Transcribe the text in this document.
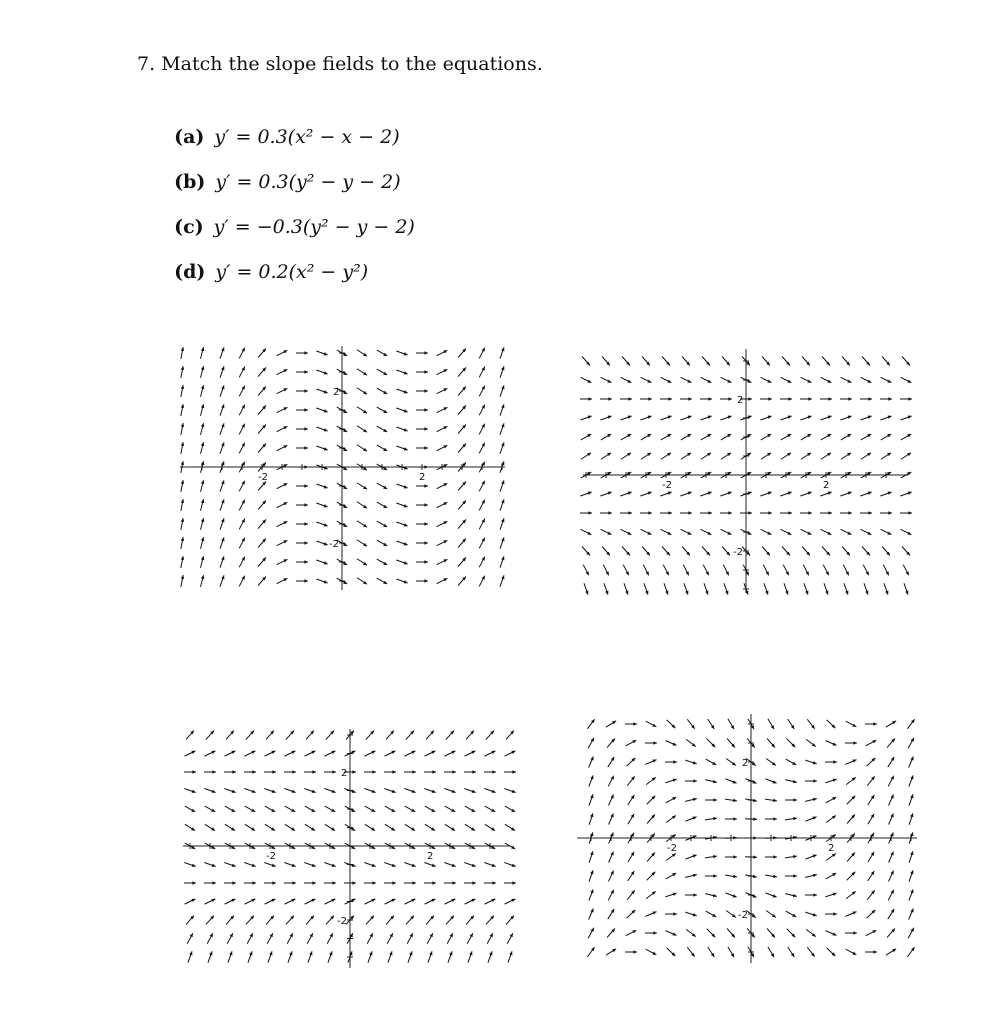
7. Match the slope fields to the equations.

(a) y′ = 0.3(x² − x − 2)

(b) y′ = 0.3(y² − y − 2)

(c) y′ = −0.3(y² − y − 2)

(d) y′ = 0.2(x² − y²)

-2	2
2
-2
-2	2
2
-2
-2	2
2
-2
-2	2
2
-2
